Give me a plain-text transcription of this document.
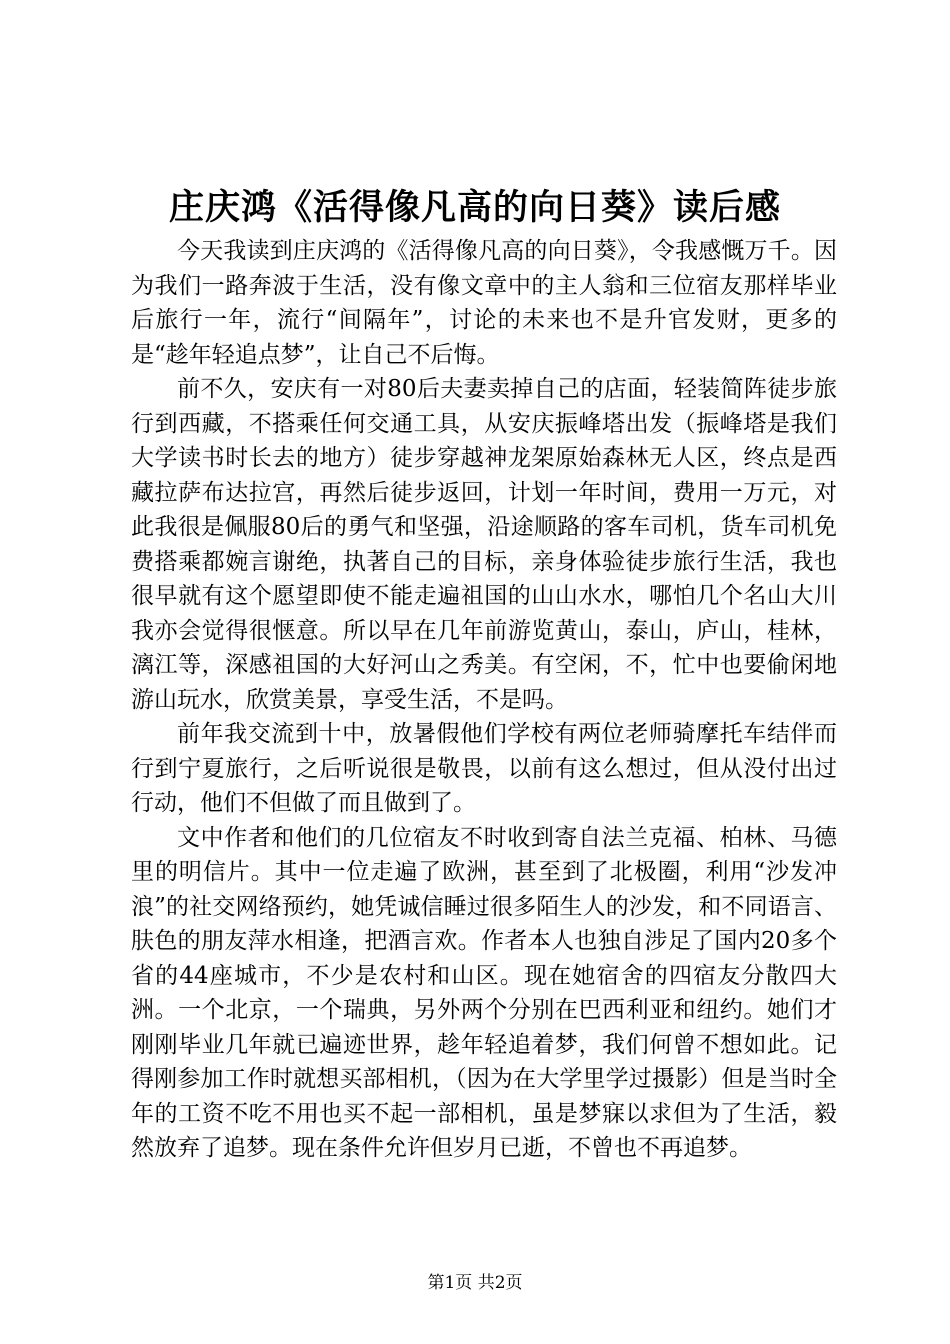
庄庆鸿《活得像凡高的向日葵》读后感

今天我读到庄庆鸿的《活得像凡高的向日葵》，令我感慨万千。因为我们一路奔波于生活，没有像文章中的主人翁和三位宿友那样毕业后旅行一年，流行“间隔年”，讨论的未来也不是升官发财，更多的是“趁年轻追点梦”，让自己不后悔。

前不久，安庆有一对80后夫妻卖掉自己的店面，轻装简阵徒步旅行到西藏，不搭乘任何交通工具，从安庆振峰塔出发（振峰塔是我们大学读书时长去的地方）徒步穿越神龙架原始森林无人区，终点是西藏拉萨布达拉宫，再然后徒步返回，计划一年时间，费用一万元，对此我很是佩服80后的勇气和坚强，沿途顺路的客车司机，货车司机免费搭乘都婉言谢绝，执著自己的目标，亲身体验徒步旅行生活，我也很早就有这个愿望即使不能走遍祖国的山山水水，哪怕几个名山大川我亦会觉得很惬意。所以早在几年前游览黄山，泰山，庐山，桂林，漓江等，深感祖国的大好河山之秀美。有空闲，不，忙中也要偷闲地游山玩水，欣赏美景，享受生活，不是吗。

前年我交流到十中，放暑假他们学校有两位老师骑摩托车结伴而行到宁夏旅行，之后听说很是敬畏，以前有这么想过，但从没付出过行动，他们不但做了而且做到了。

文中作者和他们的几位宿友不时收到寄自法兰克福、柏林、马德里的明信片。其中一位走遍了欧洲，甚至到了北极圈，利用“沙发冲浪”的社交网络预约，她凭诚信睡过很多陌生人的沙发，和不同语言、肤色的朋友萍水相逢，把酒言欢。作者本人也独自涉足了国内20多个省的44座城市，不少是农村和山区。现在她宿舍的四宿友分散四大洲。一个北京，一个瑞典，另外两个分别在巴西利亚和纽约。她们才刚刚毕业几年就已遍迹世界，趁年轻追着梦，我们何曾不想如此。记得刚参加工作时就想买部相机，（因为在大学里学过摄影）但是当时全年的工资不吃不用也买不起一部相机，虽是梦寐以求但为了生活，毅然放弃了追梦。现在条件允许但岁月已逝，不曾也不再追梦。

第1页 共2页
